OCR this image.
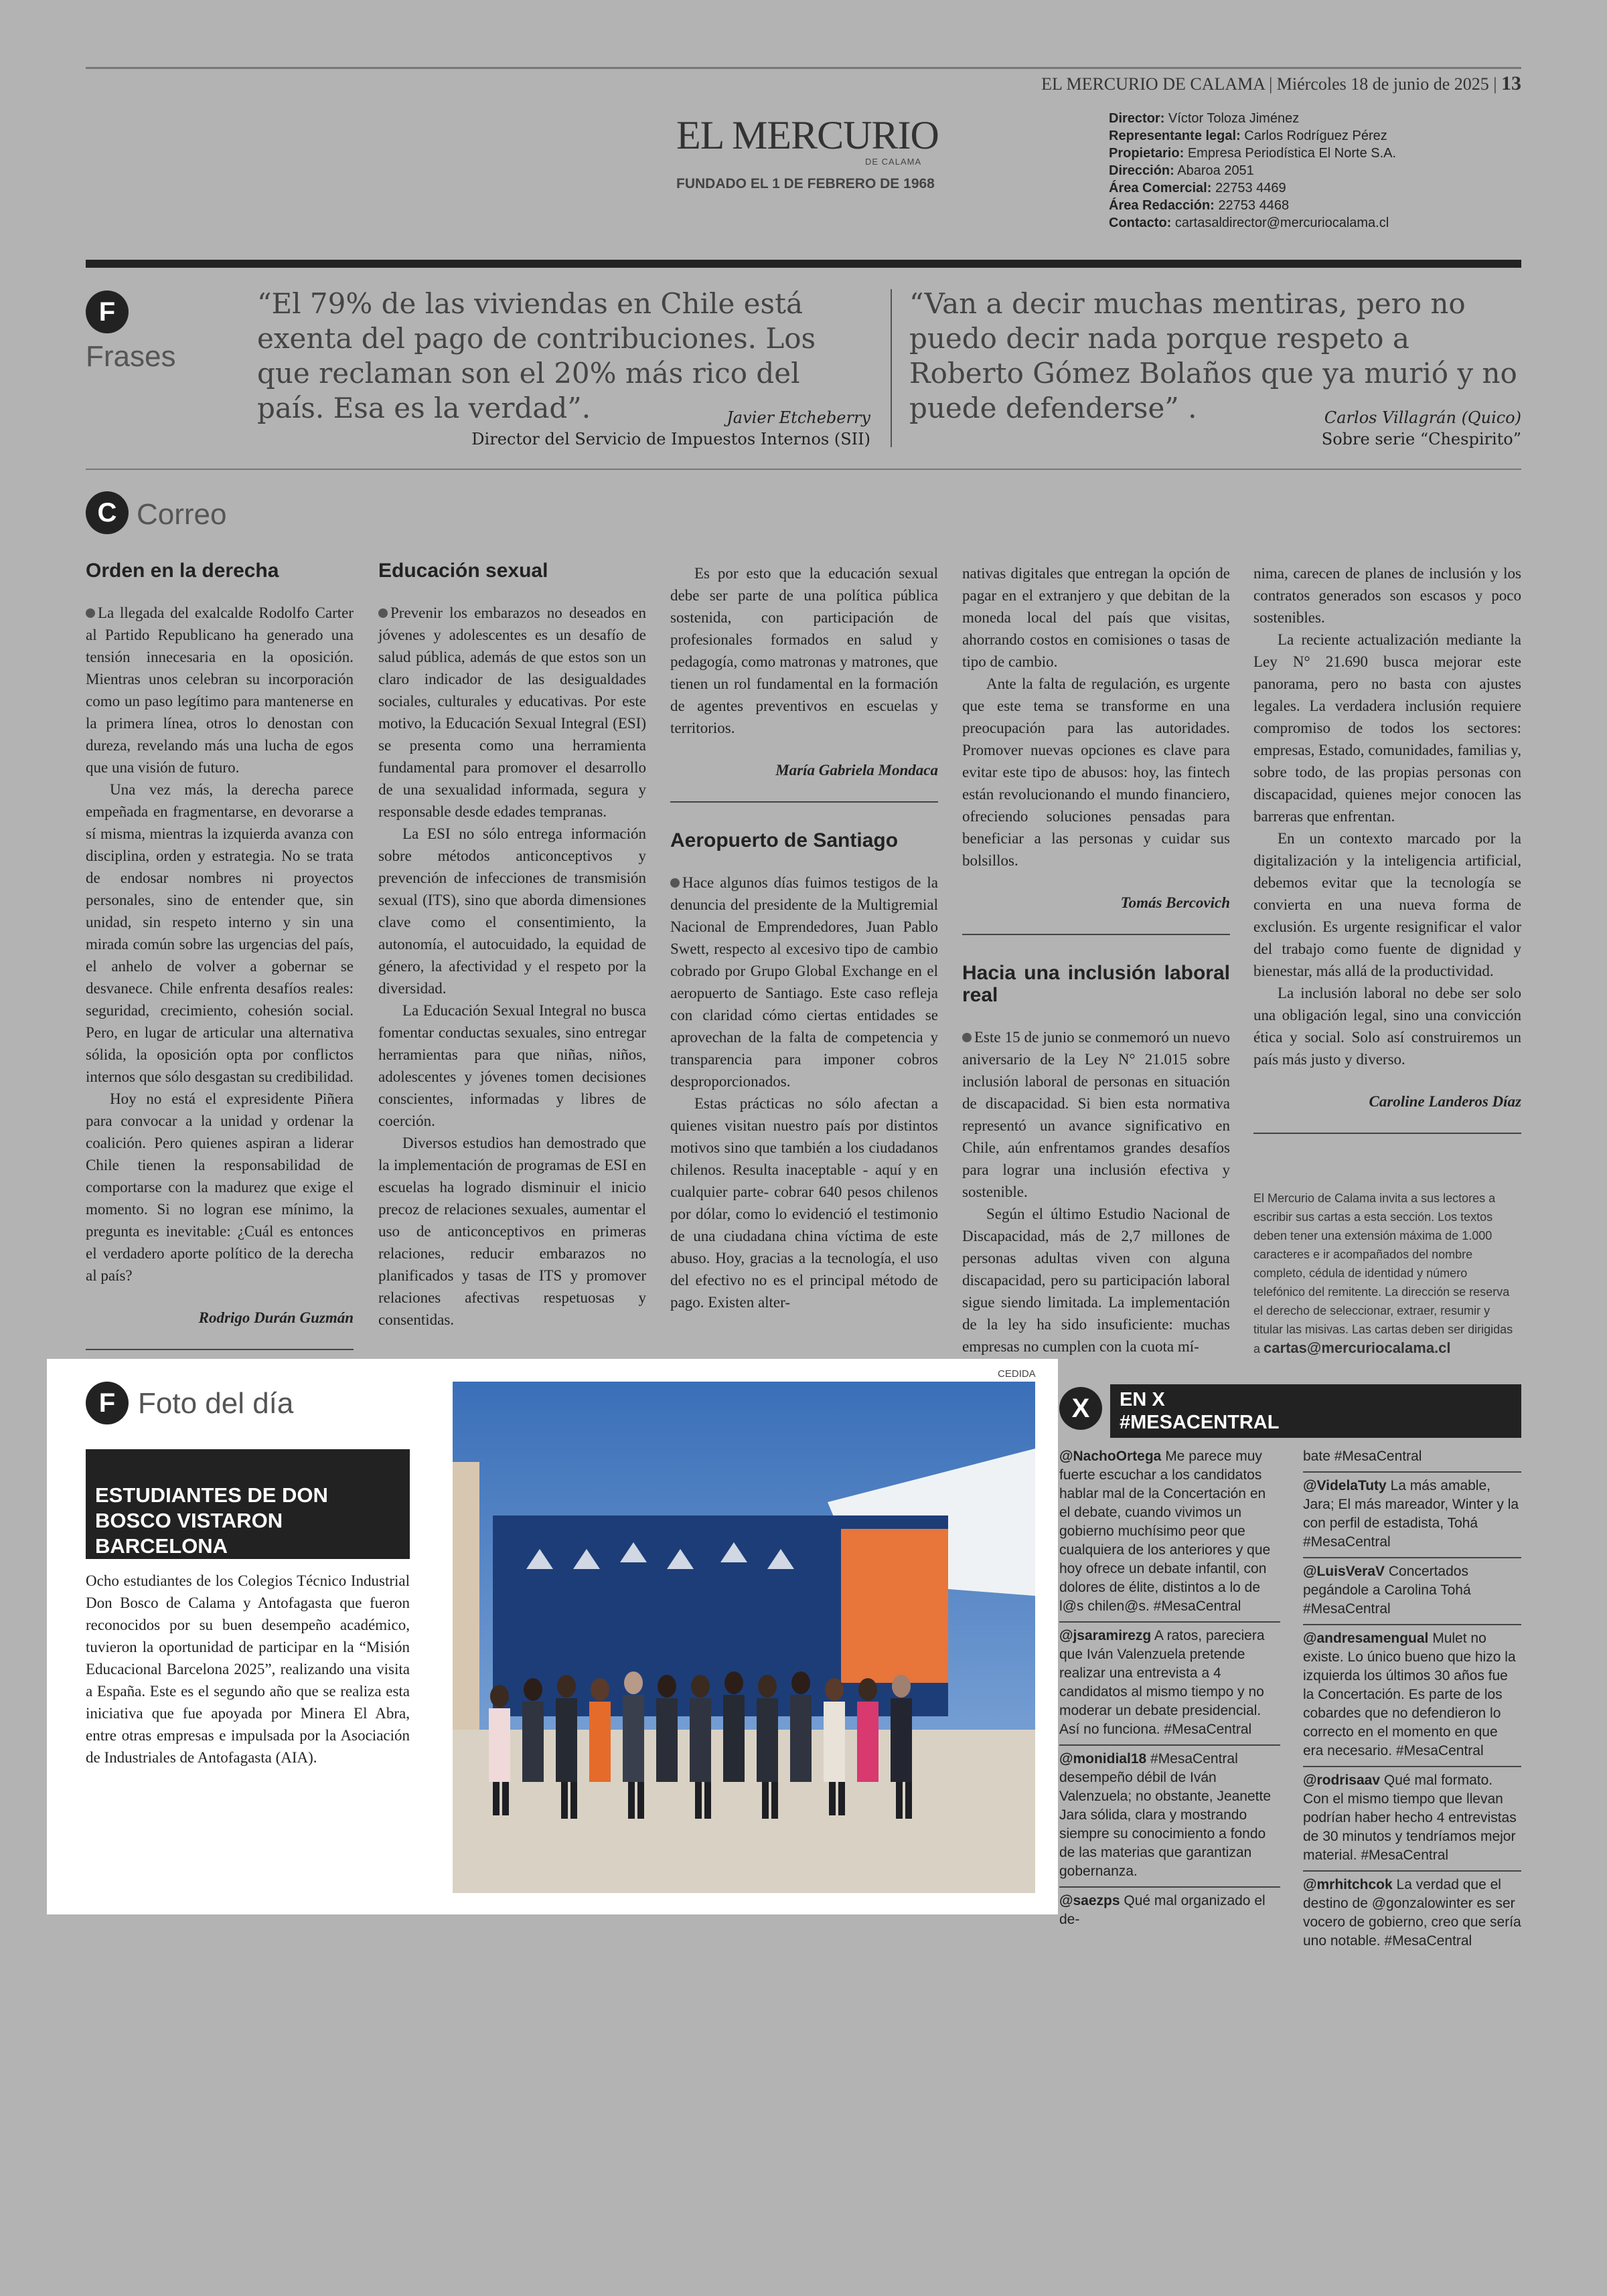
EL MERCURIO DE CALAMA | Miércoles 18 de junio de 2025 | 13
EL MERCURIO
DE CALAMA
FUNDADO EL 1 DE FEBRERO DE 1968
Director: Víctor Toloza Jiménez
Representante legal: Carlos Rodríguez Pérez
Propietario: Empresa Periodística El Norte S.A.
Dirección: Abaroa 2051
Área Comercial: 22753 4469
Área Redacción: 22753 4468
Contacto: cartasaldirector@mercuriocalama.cl
F
Frases
“El 79% de las viviendas en Chile está exenta del pago de contribuciones. Los que reclaman son el 20% más rico del país. Esa es la verdad”.	Javier Etcheberry
Director del Servicio de Impuestos Internos (SII)
“Van a decir muchas mentiras, pero no puedo decir nada porque respeto a Roberto Gómez Bolaños que ya murió y no puede defenderse” .	Carlos Villagrán (Quico)
Sobre serie “Chespirito”
C Correo
Orden en la derecha

La llegada del exalcalde Rodolfo Carter al Partido Republicano ha generado una tensión innecesaria en la oposición. Mientras unos celebran su incorporación como un paso legítimo para mantenerse en la primera línea, otros lo denostan con dureza, revelando más una lucha de egos que una visión de futuro.

Una vez más, la derecha parece empeñada en fragmentarse, en devorarse a sí misma, mientras la izquierda avanza con disciplina, orden y estrategia. No se trata de endosar nombres ni proyectos personales, sino de entender que, sin unidad, sin respeto interno y sin una mirada común sobre las urgencias del país, el anhelo de volver a gobernar se desvanece. Chile enfrenta desafíos reales: seguridad, crecimiento, cohesión social. Pero, en lugar de articular una alternativa sólida, la oposición opta por conflictos internos que sólo desgastan su credibilidad.

Hoy no está el expresidente Piñera para convocar a la unidad y ordenar la coalición. Pero quienes aspiran a liderar Chile tienen la responsabilidad de comportarse con la madurez que exige el momento. Si no logran ese mínimo, la pregunta es inevitable: ¿Cuál es entonces el verdadero aporte político de la derecha al país?

Rodrigo Durán Guzmán

Educación sexual

Prevenir los embarazos no deseados en jóvenes y adolescentes es un desafío de salud pública, además de que estos son un claro indicador de las desigualdades sociales, culturales y educativas. Por este motivo, la Educación Sexual Integral (ESI) se presenta como una herramienta fundamental para promover el desarrollo de una sexualidad informada, segura y responsable desde edades tempranas.

La ESI no sólo entrega información sobre métodos anticonceptivos y prevención de infecciones de transmisión sexual (ITS), sino que aborda dimensiones clave como el consentimiento, la autonomía, el autocuidado, la equidad de género, la afectividad y el respeto por la diversidad.

La Educación Sexual Integral no busca fomentar conductas sexuales, sino entregar herramientas para que niñas, niños, adolescentes y jóvenes tomen decisiones conscientes, informadas y libres de coerción.

Diversos estudios han demostrado que la implementación de programas de ESI en escuelas ha logrado disminuir el inicio precoz de relaciones sexuales, aumentar el uso de anticonceptivos en primeras relaciones, reducir embarazos no planificados y tasas de ITS y promover relaciones afectivas respetuosas y consentidas.

Es por esto que la educación sexual debe ser parte de una política pública sostenida, con participación de profesionales formados en salud y pedagogía, como matronas y matrones, que tienen un rol fundamental en la formación de agentes preventivos en escuelas y territorios.

María Gabriela Mondaca

Aeropuerto de Santiago

Hace algunos días fuimos testigos de la denuncia del presidente de la Multigremial Nacional de Emprendedores, Juan Pablo Swett, respecto al excesivo tipo de cambio cobrado por Grupo Global Exchange en el aeropuerto de Santiago. Este caso refleja con claridad cómo ciertas entidades se aprovechan de la falta de competencia y transparencia para imponer cobros desproporcionados.

Estas prácticas no sólo afectan a quienes visitan nuestro país por distintos motivos sino que también a los ciudadanos chilenos. Resulta inaceptable - aquí y en cualquier parte- cobrar 640 pesos chilenos por dólar, como lo evidenció el testimonio de una ciudadana china víctima de este abuso. Hoy, gracias a la tecnología, el uso del efectivo no es el principal método de pago. Existen alter-

nativas digitales que entregan la opción de pagar en el extranjero y que debitan de la moneda local del país que visitas, ahorrando costos en comisiones o tasas de tipo de cambio.

Ante la falta de regulación, es urgente que este tema se transforme en una preocupación para las autoridades. Promover nuevas opciones es clave para evitar este tipo de abusos: hoy, las fintech están revolucionando el mundo financiero, ofreciendo soluciones pensadas para beneficiar a las personas y cuidar sus bolsillos.

Tomás Bercovich

Hacia una inclusión laboral real

Este 15 de junio se conmemoró un nuevo aniversario de la Ley N° 21.015 sobre inclusión laboral de personas en situación de discapacidad. Si bien esta normativa representó un avance significativo en Chile, aún enfrentamos grandes desafíos para lograr una inclusión efectiva y sostenible.

Según el último Estudio Nacional de Discapacidad, más de 2,7 millones de personas adultas viven con alguna discapacidad, pero su participación laboral sigue siendo limitada. La implementación de la ley ha sido insuficiente: muchas empresas no cumplen con la cuota mí-

nima, carecen de planes de inclusión y los contratos generados son escasos y poco sostenibles.

La reciente actualización mediante la Ley N° 21.690 busca mejorar este panorama, pero no basta con ajustes legales. La verdadera inclusión requiere compromiso de todos los sectores: empresas, Estado, comunidades, familias y, sobre todo, de las propias personas con discapacidad, quienes mejor conocen las barreras que enfrentan.

En un contexto marcado por la digitalización y la inteligencia artificial, debemos evitar que la tecnología se convierta en una nueva forma de exclusión. Es urgente resignificar el valor del trabajo como fuente de dignidad y bienestar, más allá de la productividad.

La inclusión laboral no debe ser solo una obligación legal, sino una convicción ética y social. Solo así construiremos un país más justo y diverso.

Caroline Landeros Díaz

El Mercurio de Calama invita a sus lectores a escribir sus cartas a esta sección. Los textos deben tener una extensión máxima de 1.000 caracteres e ir acompañados del nombre completo, cédula de identidad y número telefónico del remitente. La dirección se reserva el derecho de seleccionar, extraer, resumir y titular las misivas. Las cartas deben ser dirigidas a cartas@mercuriocalama.cl
F Foto del día
ESTUDIANTES DE DON BOSCO VISTARON BARCELONA
Ocho estudiantes de los Colegios Técnico Industrial Don Bosco de Calama y Antofagasta que fueron reconocidos por su buen desempeño académico, tuvieron la oportunidad de participar en la “Misión Educacional Barcelona 2025”, realizando una visita a España. Este es el segundo año que se realiza esta iniciativa que fue apoyada por Minera El Abra, entre otras empresas e impulsada por la Asociación de Industriales de Antofagasta (AIA).
CEDIDA
X	EN X
#MESACENTRAL
@NachoOrtega Me parece muy fuerte escuchar a los candidatos hablar mal de la Concertación en el debate, cuando vivimos un gobierno muchísimo peor que cualquiera de los anteriores y que hoy ofrece un debate infantil, con dolores de élite, distintos a lo de l@s chilen@s. #MesaCentral
@jsaramirezg A ratos, pareciera que Iván Valenzuela pretende realizar una entrevista a 4 candidatos al mismo tiempo y no moderar un debate presidencial. Así no funciona. #MesaCentral
@monidial18 #MesaCentral desempeño débil de Iván Valenzuela; no obstante, Jeanette Jara sólida, clara y mostrando siempre su conocimiento a fondo de las materias que garantizan gobernanza.
@saezps Qué mal organizado el de-
bate #MesaCentral
@VidelaTuty La más amable, Jara; El más mareador, Winter y la con perfil de estadista, Tohá #MesaCentral
@LuisVeraV Concertados pegándole a Carolina Tohá #MesaCentral
@andresamengual Mulet no existe. Lo único bueno que hizo la izquierda los últimos 30 años fue la Concertación. Es parte de los cobardes que no defendieron lo correcto en el momento en que era necesario. #MesaCentral
@rodrisaav Qué mal formato. Con el mismo tiempo que llevan podrían haber hecho 4 entrevistas de 30 minutos y tendríamos mejor material. #MesaCentral
@mrhitchcok La verdad que el destino de @gonzalowinter es ser vocero de gobierno, creo que sería uno notable. #MesaCentral
